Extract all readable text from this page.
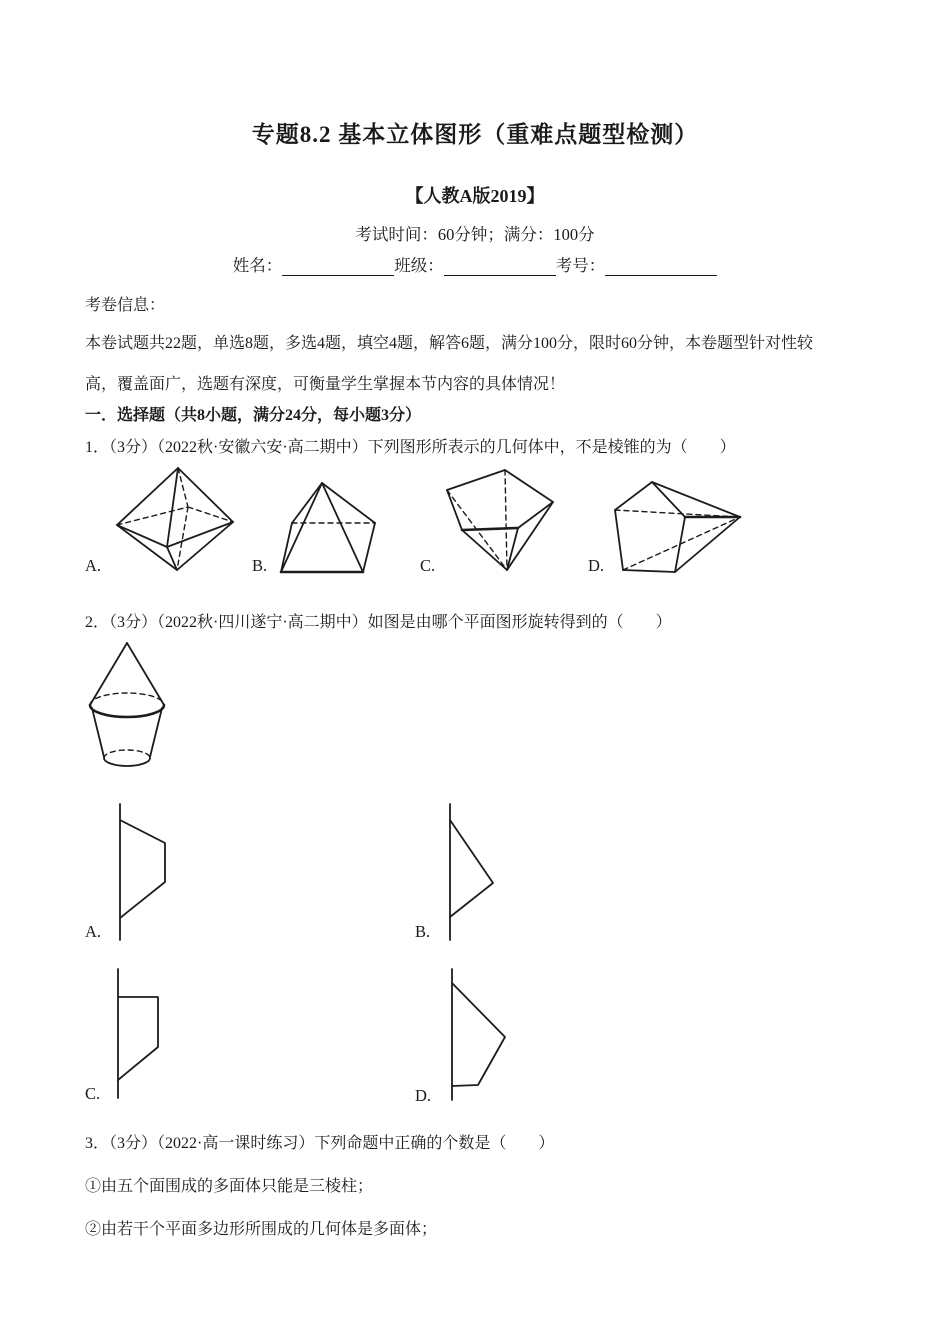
专题8.2 基本立体图形（重难点题型检测）
【人教A版2019】
考试时间：60分钟；满分：100分
姓名：	班级：	考号：
考卷信息：
本卷试题共22题，单选8题，多选4题，填空4题，解答6题，满分100分，限时60分钟，本卷题型针对性较
高，覆盖面广，选题有深度，可衡量学生掌握本节内容的具体情况！
一．选择题（共8小题，满分24分，每小题3分）
1．（3分）（2022秋·安徽六安·高二期中）下列图形所表示的几何体中，不是棱锥的为（　　）
A.	B.	C.	D.
2．（3分）（2022秋·四川遂宁·高二期中）如图是由哪个平面图形旋转得到的（　　）
A.	B.
C.	D.
3．（3分）（2022·高一课时练习）下列命题中正确的个数是（　　）
①由五个面围成的多面体只能是三棱柱；
②由若干个平面多边形所围成的几何体是多面体；
